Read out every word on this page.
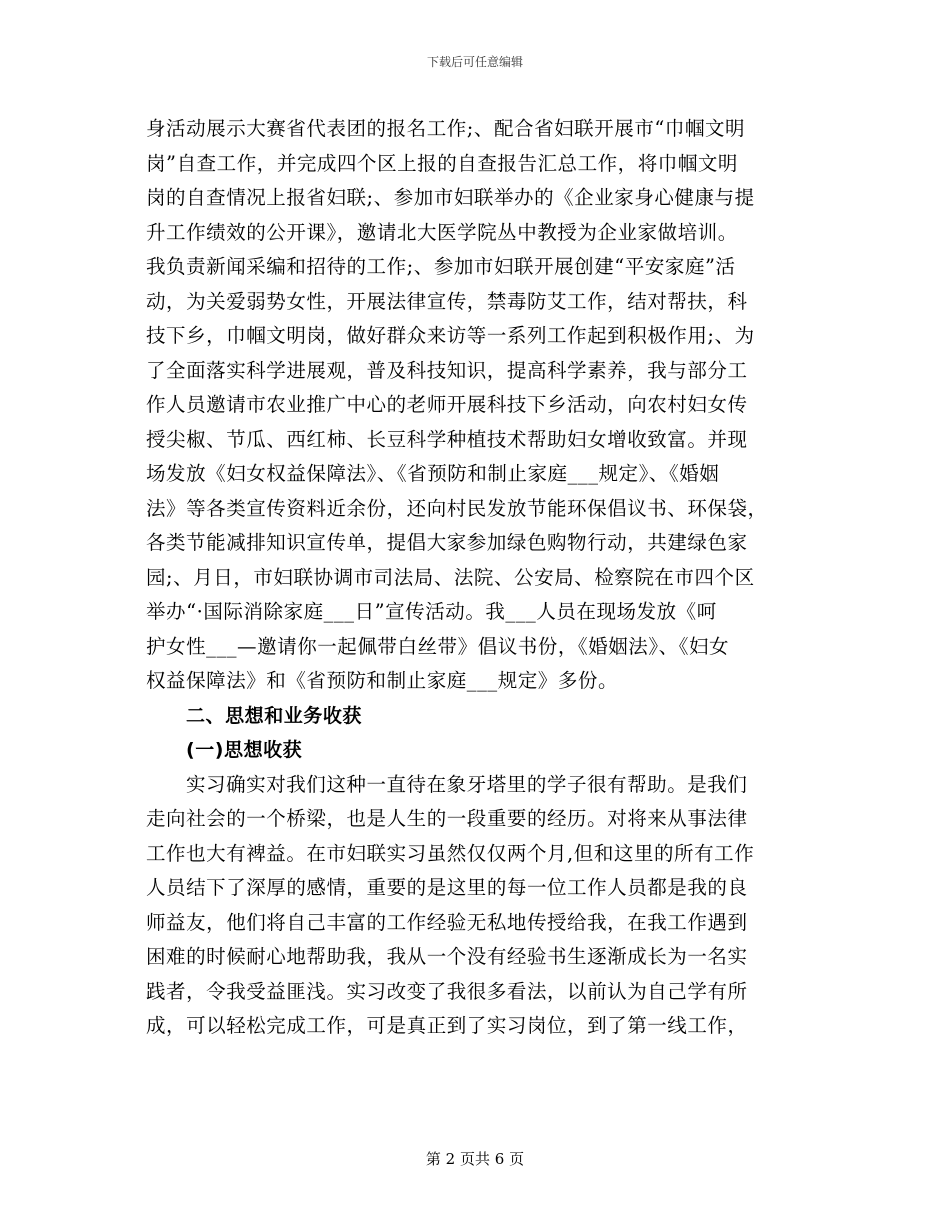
下载后可任意编辑
身活动展示大赛省代表团的报名工作;、配合省妇联开展市“巾帼文明
岗”自查工作，并完成四个区上报的自查报告汇总工作，将巾帼文明
岗的自查情况上报省妇联;、参加市妇联举办的《企业家身心健康与提
升工作绩效的公开课》，邀请北大医学院丛中教授为企业家做培训。
我负责新闻采编和招待的工作;、参加市妇联开展创建“平安家庭”活
动，为关爱弱势女性，开展法律宣传，禁毒防艾工作，结对帮扶，科
技下乡，巾帼文明岗，做好群众来访等一系列工作起到积极作用;、为
了全面落实科学进展观，普及科技知识，提高科学素养，我与部分工
作人员邀请市农业推广中心的老师开展科技下乡活动，向农村妇女传
授尖椒、节瓜、西红柿、长豆科学种植技术帮助妇女增收致富。并现
场发放《妇女权益保障法》、《省预防和制止家庭___规定》、《婚姻
法》等各类宣传资料近余份，还向村民发放节能环保倡议书、环保袋，
各类节能减排知识宣传单，提倡大家参加绿色购物行动，共建绿色家
园;、月日，市妇联协调市司法局、法院、公安局、检察院在市四个区
举办“·国际消除家庭___日”宣传活动。我___人员在现场发放《呵
护女性___—邀请你一起佩带白丝带》倡议书份，《婚姻法》、《妇女
权益保障法》和《省预防和制止家庭___规定》多份。
二、思想和业务收获
(一)思想收获
实习确实对我们这种一直待在象牙塔里的学子很有帮助。是我们
走向社会的一个桥梁，也是人生的一段重要的经历。对将来从事法律
工作也大有裨益。在市妇联实习虽然仅仅两个月,但和这里的所有工作
人员结下了深厚的感情，重要的是这里的每一位工作人员都是我的良
师益友，他们将自己丰富的工作经验无私地传授给我，在我工作遇到
困难的时候耐心地帮助我，我从一个没有经验书生逐渐成长为一名实
践者，令我受益匪浅。实习改变了我很多看法，以前认为自己学有所
成，可以轻松完成工作，可是真正到了实习岗位，到了第一线工作，
第 2 页共 6 页
